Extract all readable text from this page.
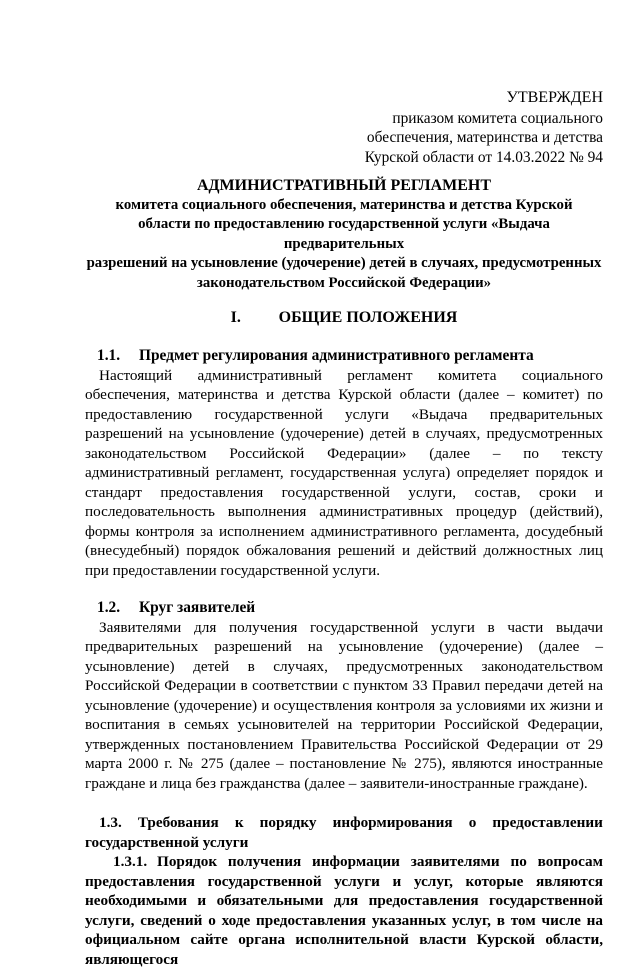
УТВЕРЖДЕН
приказом комитета социального
обеспечения, материнства и детства
Курской области от 14.03.2022 № 94
АДМИНИСТРАТИВНЫЙ РЕГЛАМЕНТ
комитета социального обеспечения, материнства и детства Курской
области по предоставлению государственной услуги «Выдача предварительных
разрешений на усыновление (удочерение) детей в случаях, предусмотренных
законодательством Российской Федерации»
I. ОБЩИЕ ПОЛОЖЕНИЯ
1.1. Предмет регулирования административного регламента
Настоящий административный регламент комитета социального обеспечения, материнства и детства Курской области (далее – комитет) по предоставлению государственной услуги «Выдача предварительных разрешений на усыновление (удочерение) детей в случаях, предусмотренных законодательством Российской Федерации» (далее – по тексту административный регламент, государственная услуга) определяет порядок и стандарт предоставления государственной услуги, состав, сроки и последовательность выполнения административных процедур (действий), формы контроля за исполнением административного регламента, досудебный (внесудебный) порядок обжалования решений и действий должностных лиц при предоставлении государственной услуги.
1.2. Круг заявителей
Заявителями для получения государственной услуги в части выдачи предварительных разрешений на усыновление (удочерение) (далее – усыновление) детей в случаях, предусмотренных законодательством Российской Федерации в соответствии с пунктом 33 Правил передачи детей на усыновление (удочерение) и осуществления контроля за условиями их жизни и воспитания в семьях усыновителей на территории Российской Федерации, утвержденных постановлением Правительства Российской Федерации от 29 марта 2000 г. № 275 (далее – постановление № 275), являются иностранные граждане и лица без гражданства (далее – заявители-иностранные граждане).
1.3. Требования к порядку информирования о предоставлении
государственной услуги
1.3.1. Порядок получения информации заявителями по вопросам предоставления государственной услуги и услуг, которые являются необходимыми и обязательными для предоставления государственной услуги, сведений о ходе предоставления указанных услуг, в том числе на официальном сайте органа исполнительной власти Курской области, являющегося
